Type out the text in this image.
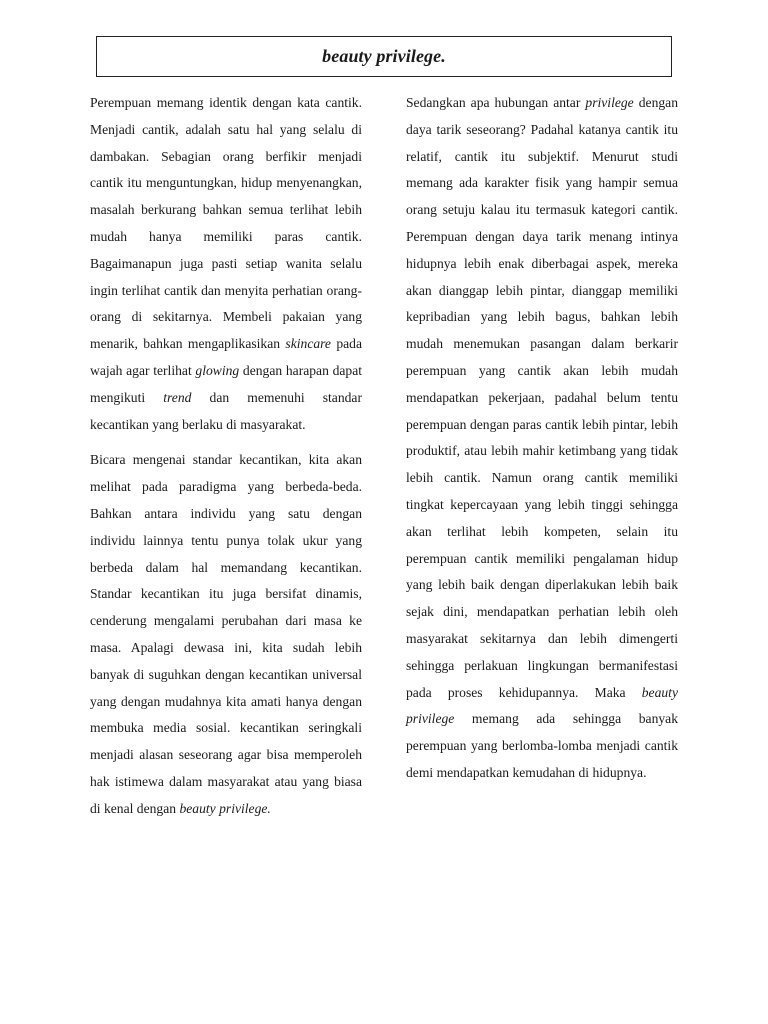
beauty privilege.

Perempuan memang identik dengan kata cantik. Menjadi cantik, adalah satu hal yang selalu di dambakan. Sebagian orang berfikir menjadi cantik itu menguntungkan, hidup menyenangkan, masalah berkurang bahkan semua terlihat lebih mudah hanya memiliki paras cantik. Bagaimanapun juga pasti setiap wanita selalu ingin terlihat cantik dan menyita perhatian orang-orang di sekitarnya. Membeli pakaian yang menarik, bahkan mengaplikasikan skincare pada wajah agar terlihat glowing dengan harapan dapat mengikuti trend dan memenuhi standar kecantikan yang berlaku di masyarakat.

Bicara mengenai standar kecantikan, kita akan melihat pada paradigma yang berbeda-beda. Bahkan antara individu yang satu dengan individu lainnya tentu punya tolak ukur yang berbeda dalam hal memandang kecantikan. Standar kecantikan itu juga bersifat dinamis, cenderung mengalami perubahan dari masa ke masa. Apalagi dewasa ini, kita sudah lebih banyak di suguhkan dengan kecantikan universal yang dengan mudahnya kita amati hanya dengan membuka media sosial. kecantikan seringkali menjadi alasan seseorang agar bisa memperoleh hak istimewa dalam masyarakat atau yang biasa di kenal dengan beauty privilege.

Sedangkan apa hubungan antar privilege dengan daya tarik seseorang? Padahal katanya cantik itu relatif, cantik itu subjektif. Menurut studi memang ada karakter fisik yang hampir semua orang setuju kalau itu termasuk kategori cantik. Perempuan dengan daya tarik menang intinya hidupnya lebih enak diberbagai aspek, mereka akan dianggap lebih pintar, dianggap memiliki kepribadian yang lebih bagus, bahkan lebih mudah menemukan pasangan dalam berkarir perempuan yang cantik akan lebih mudah mendapatkan pekerjaan, padahal belum tentu perempuan dengan paras cantik lebih pintar, lebih produktif, atau lebih mahir ketimbang yang tidak lebih cantik. Namun orang cantik memiliki tingkat kepercayaan yang lebih tinggi sehingga akan terlihat lebih kompeten, selain itu perempuan cantik memiliki pengalaman hidup yang lebih baik dengan diperlakukan lebih baik sejak dini, mendapatkan perhatian lebih oleh masyarakat sekitarnya dan lebih dimengerti sehingga perlakuan lingkungan bermanifestasi pada proses kehidupannya. Maka beauty privilege memang ada sehingga banyak perempuan yang berlomba-lomba menjadi cantik demi mendapatkan kemudahan di hidupnya.
